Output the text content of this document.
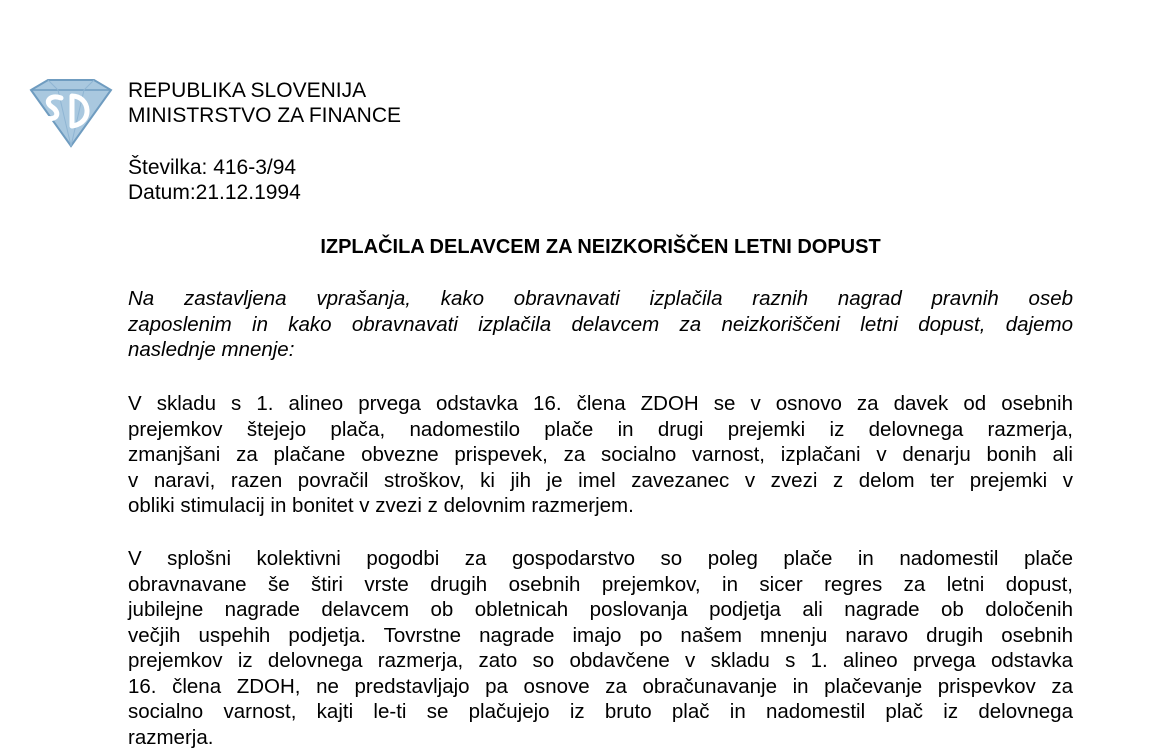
REPUBLIKA SLOVENIJA
MINISTRSTVO ZA FINANCE
Številka: 416-3/94
Datum:21.12.1994
IZPLAČILA DELAVCEM ZA NEIZKORIŠČEN LETNI DOPUST
Na zastavljena vprašanja, kako obravnavati izplačila raznih nagrad pravnih oseb
zaposlenim in kako obravnavati izplačila delavcem za neizkoriščeni letni dopust, dajemo
naslednje mnenje:
V skladu s 1. alineo prvega odstavka 16. člena ZDOH se v osnovo za davek od osebnih
prejemkov štejejo plača, nadomestilo plače in drugi prejemki iz delovnega razmerja,
zmanjšani za plačane obvezne prispevek, za socialno varnost, izplačani v denarju bonih ali
v naravi, razen povračil stroškov, ki jih je imel zavezanec v zvezi z delom ter prejemki v
obliki stimulacij in bonitet v zvezi z delovnim razmerjem.
V splošni kolektivni pogodbi za gospodarstvo so poleg plače in nadomestil plače
obravnavane še štiri vrste drugih osebnih prejemkov, in sicer regres za letni dopust,
jubilejne nagrade delavcem ob obletnicah poslovanja podjetja ali nagrade ob določenih
večjih uspehih podjetja. Tovrstne nagrade imajo po našem mnenju naravo drugih osebnih
prejemkov iz delovnega razmerja, zato so obdavčene v skladu s 1. alineo prvega odstavka
16. člena ZDOH, ne predstavljajo pa osnove za obračunavanje in plačevanje prispevkov za
socialno varnost, kajti le-ti se plačujejo iz bruto plač in nadomestil plač iz delovnega
razmerja.
